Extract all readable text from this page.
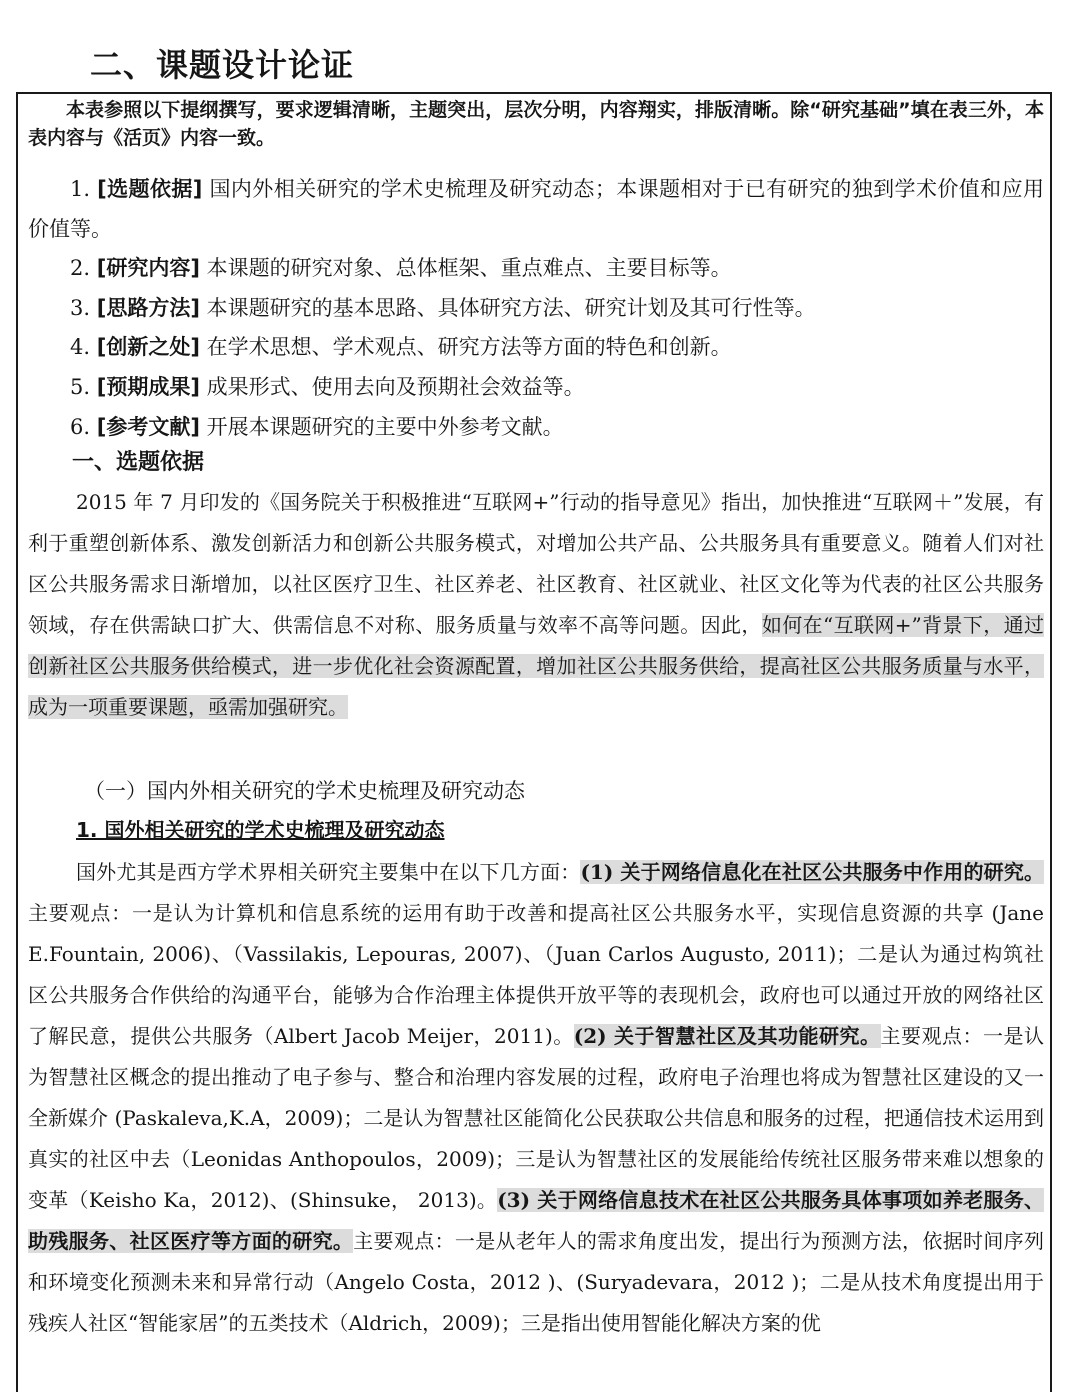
二、课题设计论证
本表参照以下提纲撰写，要求逻辑清晰，主题突出，层次分明，内容翔实，排版清晰。除“研究基础”填在表三外，本表内容与《活页》内容一致。
1. [选题依据] 国内外相关研究的学术史梳理及研究动态；本课题相对于已有研究的独到学术价值和应用价值等。
2. [研究内容] 本课题的研究对象、总体框架、重点难点、主要目标等。
3. [思路方法] 本课题研究的基本思路、具体研究方法、研究计划及其可行性等。
4. [创新之处] 在学术思想、学术观点、研究方法等方面的特色和创新。
5. [预期成果] 成果形式、使用去向及预期社会效益等。
6. [参考文献] 开展本课题研究的主要中外参考文献。
一、选题依据
2015 年 7 月印发的《国务院关于积极推进“互联网+”行动的指导意见》指出，加快推进“互联网＋”发展，有利于重塑创新体系、激发创新活力和创新公共服务模式，对增加公共产品、公共服务具有重要意义。随着人们对社区公共服务需求日渐增加，以社区医疗卫生、社区养老、社区教育、社区就业、社区文化等为代表的社区公共服务领域，存在供需缺口扩大、供需信息不对称、服务质量与效率不高等问题。因此，如何在“互联网+”背景下，通过创新社区公共服务供给模式，进一步优化社会资源配置，增加社区公共服务供给，提高社区公共服务质量与水平，成为一项重要课题，亟需加强研究。
（一）国内外相关研究的学术史梳理及研究动态
1. 国外相关研究的学术史梳理及研究动态
国外尤其是西方学术界相关研究主要集中在以下几方面：(1) 关于网络信息化在社区公共服务中作用的研究。主要观点：一是认为计算机和信息系统的运用有助于改善和提高社区公共服务水平，实现信息资源的共享 (Jane E.Fountain, 2006)、（Vassilakis, Lepouras, 2007)、（Juan Carlos Augusto, 2011)；二是认为通过构筑社区公共服务合作供给的沟通平台，能够为合作治理主体提供开放平等的表现机会，政府也可以通过开放的网络社区了解民意，提供公共服务（Albert Jacob Meijer，2011)。(2) 关于智慧社区及其功能研究。主要观点：一是认为智慧社区概念的提出推动了电子参与、整合和治理内容发展的过程，政府电子治理也将成为智慧社区建设的又一全新媒介 (Paskaleva,K.A，2009)；二是认为智慧社区能简化公民获取公共信息和服务的过程，把通信技术运用到真实的社区中去（Leonidas Anthopoulos，2009)；三是认为智慧社区的发展能给传统社区服务带来难以想象的变革（Keisho Ka，2012)、(Shinsuke， 2013)。(3) 关于网络信息技术在社区公共服务具体事项如养老服务、助残服务、社区医疗等方面的研究。主要观点：一是从老年人的需求角度出发，提出行为预测方法，依据时间序列和环境变化预测未来和异常行动（Angelo Costa，2012 )、(Suryadevara，2012 )；二是从技术角度提出用于残疾人社区“智能家居”的五类技术（Aldrich，2009)；三是指出使用智能化解决方案的优
